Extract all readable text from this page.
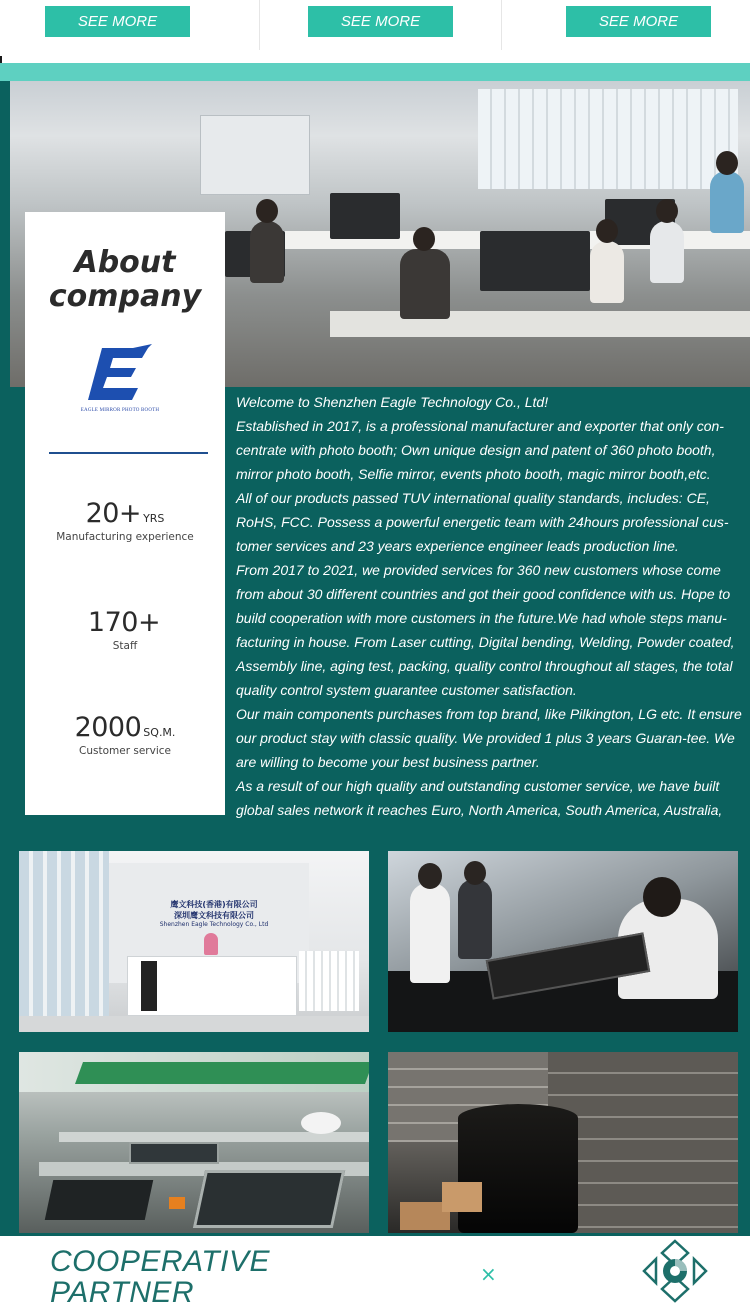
SEE MORE	SEE MORE	SEE MORE
About
company
EAGLE MIRROR PHOTO BOOTH
20+ YRS
Manufacturing experience
170+
Staff
2000 SQ.M.
Customer service

Welcome to Shenzhen Eagle Technology Co., Ltd!

Established in 2017, is a professional manufacturer and exporter that only con-centrate with photo booth; Own unique design and patent of 360 photo booth, mirror photo booth, Selfie mirror, events photo booth, magic mirror booth,etc.

All of our products passed TUV international quality standards, includes: CE, RoHS, FCC. Possess a powerful energetic team with 24hours professional cus-tomer services and 23 years experience engineer leads production line.

From 2017 to 2021, we provided services for 360 new customers whose come from about 30 different countries and got their good confidence with us. Hope to build cooperation with more customers in the future.We had whole steps manu-facturing in house. From Laser cutting, Digital bending, Welding, Powder coated, Assembly line, aging test, packing, quality control throughout all stages, the total quality control system guarantee customer satisfaction.

Our main components purchases from top brand, like Pilkington, LG etc. It ensure our product stay with classic quality. We provided 1 plus 3 years Guaran-tee. We are willing to become your best business partner.

As a result of our high quality and outstanding customer service, we have built global sales network it reaches Euro, North America, South America, Australia,

鹰文科技(香港)有限公司
深圳鹰文科技有限公司
Shenzhen Eagle Technology Co., Ltd
COOPERATIVE
PARTNER
×
